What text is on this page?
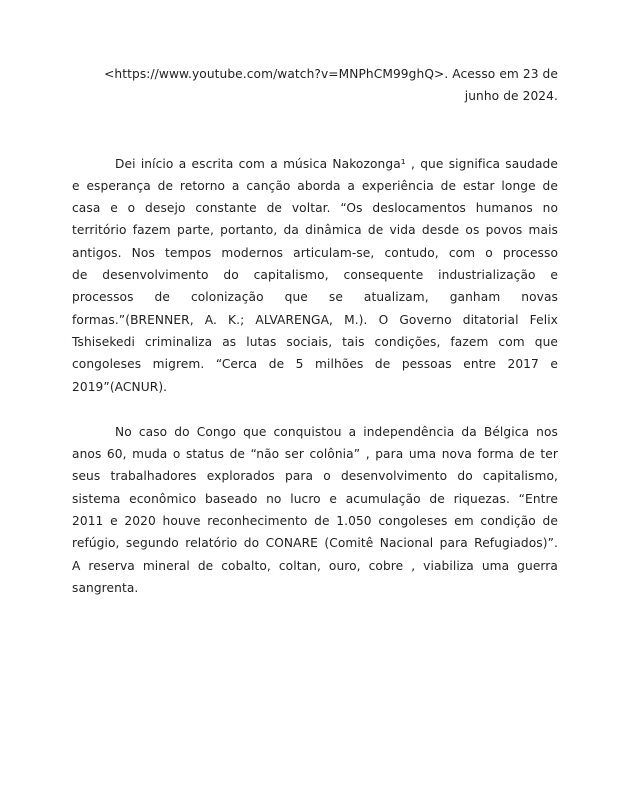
<https://www.youtube.com/watch?v=MNPhCM99ghQ>. Acesso em 23 de
junho de 2024.
Dei início a escrita com a música Nakozonga¹ , que significa saudade
e esperança de retorno a canção aborda a experiência de estar longe de
casa e o desejo constante de voltar. “Os deslocamentos humanos no
território fazem parte, portanto, da dinâmica de vida desde os povos mais
antigos. Nos tempos modernos articulam-se, contudo, com o processo
de desenvolvimento do capitalismo, consequente industrialização e
processos de colonização que se atualizam, ganham novas
formas.”(BRENNER, A. K.; ALVARENGA, M.). O Governo ditatorial Felix
Tshisekedi criminaliza as lutas sociais, tais condições, fazem com que
congoleses migrem. “Cerca de 5 milhões de pessoas entre 2017 e
2019”(ACNUR).
No caso do Congo que conquistou a independência da Bélgica nos
anos 60, muda o status de “não ser colônia” , para uma nova forma de ter
seus trabalhadores explorados para o desenvolvimento do capitalismo,
sistema econômico baseado no lucro e acumulação de riquezas. “Entre
2011 e 2020 houve reconhecimento de 1.050 congoleses em condição de
refúgio, segundo relatório do CONARE (Comitê Nacional para Refugiados)”.
A reserva mineral de cobalto, coltan, ouro, cobre , viabiliza uma guerra
sangrenta.
